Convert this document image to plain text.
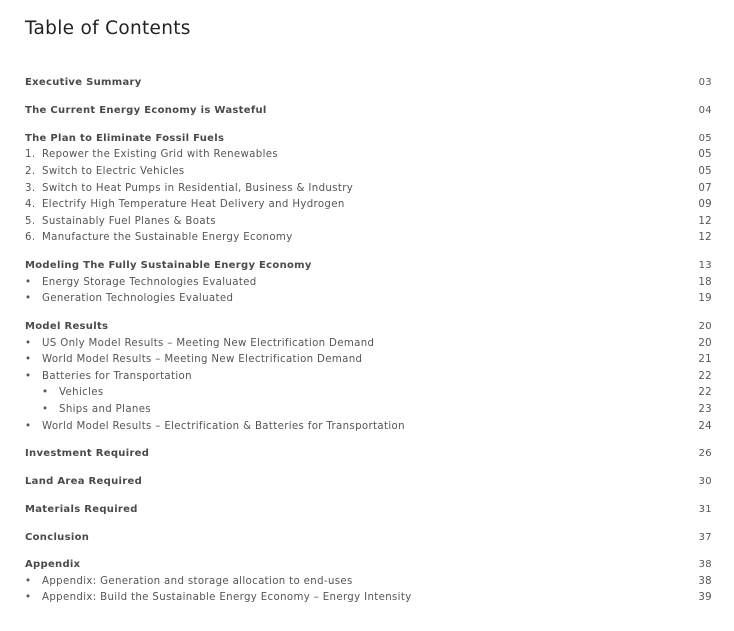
Table of Contents
Executive Summary	03
The Current Energy Economy is Wasteful	04
The Plan to Eliminate Fossil Fuels	05
1. Repower the Existing Grid with Renewables	05
2. Switch to Electric Vehicles	05
3. Switch to Heat Pumps in Residential, Business & Industry	07
4. Electrify High Temperature Heat Delivery and Hydrogen	09
5. Sustainably Fuel Planes & Boats	12
6. Manufacture the Sustainable Energy Economy	12
Modeling The Fully Sustainable Energy Economy	13
• Energy Storage Technologies Evaluated	18
• Generation Technologies Evaluated	19
Model Results	20
• US Only Model Results – Meeting New Electrification Demand	20
• World Model Results – Meeting New Electrification Demand	21
• Batteries for Transportation	22
• Vehicles	22
• Ships and Planes	23
• World Model Results – Electrification & Batteries for Transportation	24
Investment Required	26
Land Area Required	30
Materials Required	31
Conclusion	37
Appendix	38
• Appendix: Generation and storage allocation to end-uses	38
• Appendix: Build the Sustainable Energy Economy – Energy Intensity	39
